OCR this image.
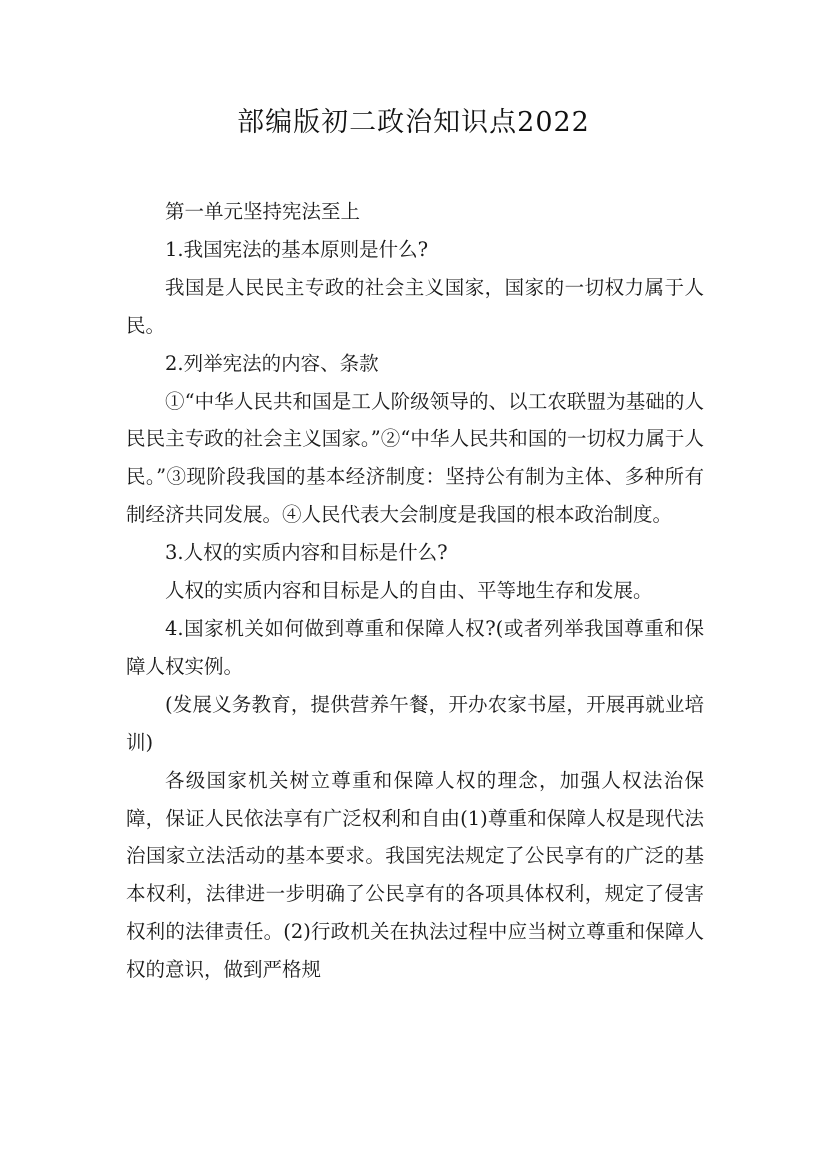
部编版初二政治知识点2022

第一单元坚持宪法至上

1.我国宪法的基本原则是什么?

我国是人民民主专政的社会主义国家，国家的一切权力属于人民。

2.列举宪法的内容、条款

①“中华人民共和国是工人阶级领导的、以工农联盟为基础的人民民主专政的社会主义国家。”②“中华人民共和国的一切权力属于人民。”③现阶段我国的基本经济制度：坚持公有制为主体、多种所有制经济共同发展。④人民代表大会制度是我国的根本政治制度。

3.人权的实质内容和目标是什么?

人权的实质内容和目标是人的自由、平等地生存和发展。

4.国家机关如何做到尊重和保障人权?(或者列举我国尊重和保障人权实例。

(发展义务教育，提供营养午餐，开办农家书屋，开展再就业培训)

各级国家机关树立尊重和保障人权的理念，加强人权法治保障，保证人民依法享有广泛权利和自由(1)尊重和保障人权是现代法治国家立法活动的基本要求。我国宪法规定了公民享有的广泛的基本权利，法律进一步明确了公民享有的各项具体权利，规定了侵害权利的法律责任。(2)行政机关在执法过程中应当树立尊重和保障人权的意识，做到严格规
